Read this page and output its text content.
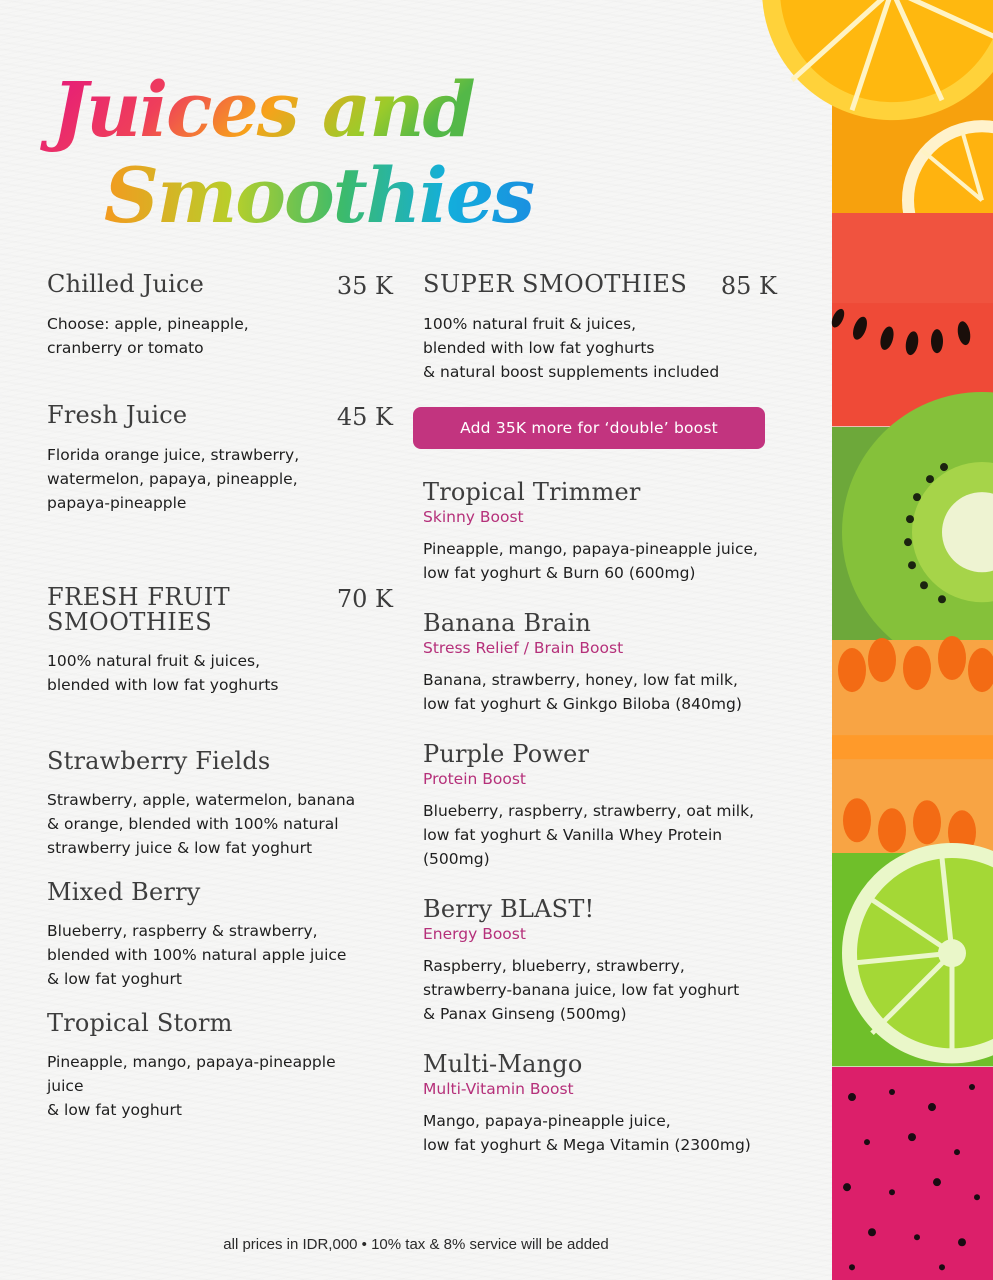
Juices and
Smoothies
Chilled Juice	35 K
Choose: apple, pineapple,
cranberry or tomato
Fresh Juice	45 K
Florida orange juice, strawberry,
watermelon, papaya, pineapple,
papaya-pineapple
FRESH FRUIT
SMOOTHIES
70 K
100% natural fruit & juices,
blended with low fat yoghurts
Strawberry Fields
Strawberry, apple, watermelon, banana
& orange, blended with 100% natural
strawberry juice & low fat yoghurt
Mixed Berry
Blueberry, raspberry & strawberry,
blended with 100% natural apple juice
& low fat yoghurt
Tropical Storm
Pineapple, mango, papaya-pineapple
juice
& low fat yoghurt
SUPER SMOOTHIES	85 K
100% natural fruit & juices,
blended with low fat yoghurts
& natural boost supplements included
Add 35K more for ‘double’ boost
Tropical Trimmer
Skinny Boost
Pineapple, mango, papaya-pineapple juice,
low fat yoghurt & Burn 60 (600mg)
Banana Brain
Stress Relief / Brain Boost
Banana, strawberry, honey, low fat milk,
low fat yoghurt & Ginkgo Biloba (840mg)
Purple Power
Protein Boost
Blueberry, raspberry, strawberry, oat milk,
low fat yoghurt & Vanilla Whey Protein
(500mg)
Berry BLAST!
Energy Boost
Raspberry, blueberry, strawberry,
strawberry-banana juice, low fat yoghurt
& Panax Ginseng (500mg)
Multi-Mango
Multi-Vitamin Boost
Mango, papaya-pineapple juice,
low fat yoghurt & Mega Vitamin (2300mg)
all prices in IDR,000 • 10% tax & 8% service will be added
